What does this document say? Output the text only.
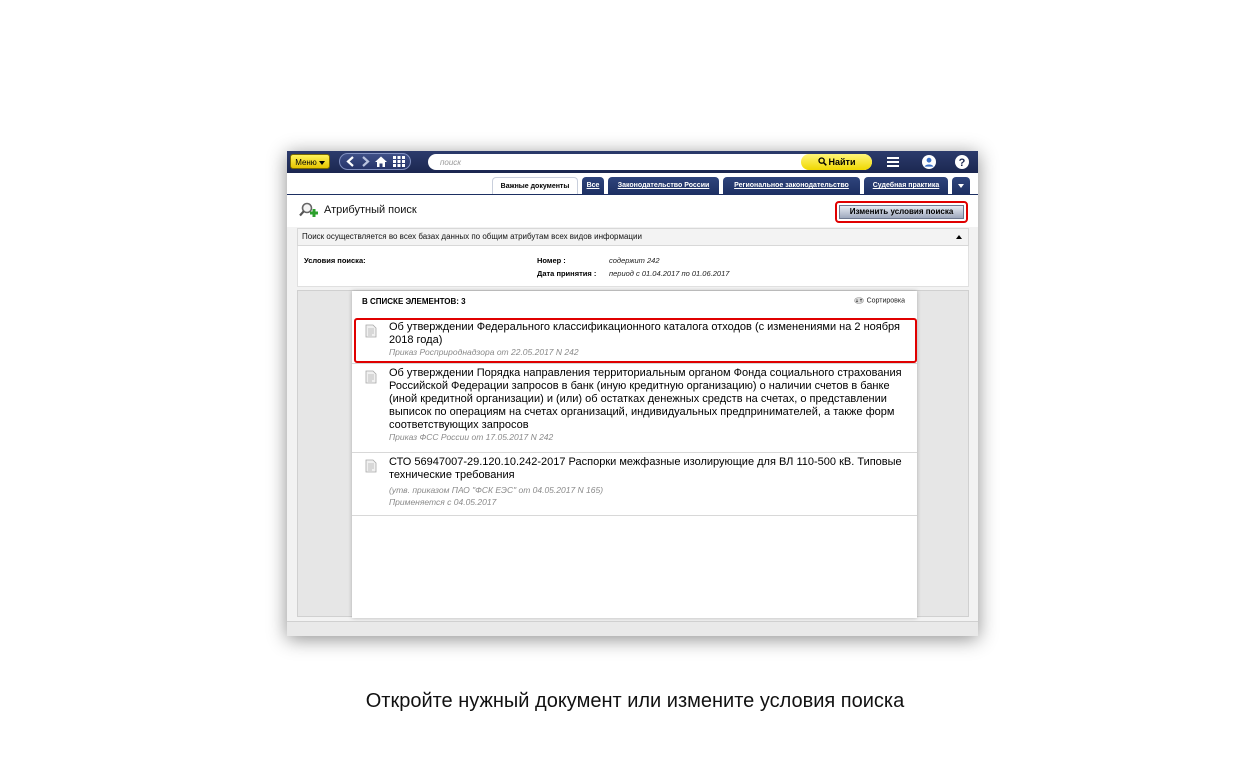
Меню
поиск	Найти	?
Важные документы	Все	Законодательство России	Региональное законодательство	Судебная практика
Атрибутный поиск	Изменить условия поиска
Поиск осуществляется во всех базах данных по общим атрибутам всех видов информации
Условия поиска:	Номер :	содержит 242
Дата принятия : период с 01.04.2017 по 01.06.2017
В СПИСКЕ ЭЛЕМЕНТОВ: 3	Сортировка
Об утверждении Федерального классификационного каталога отходов (с изменениями на 2 ноября 2018 года)
Приказ Росприроднадзора от 22.05.2017 N 242
Об утверждении Порядка направления территориальным органом Фонда социального страхования Российской Федерации запросов в банк (иную кредитную организацию) о наличии счетов в банке (иной кредитной организации) и (или) об остатках денежных средств на счетах, о представлении выписок по операциям на счетах организаций, индивидуальных предпринимателей, а также форм соответствующих запросов
Приказ ФСС России от 17.05.2017 N 242
СТО 56947007-29.120.10.242-2017 Распорки межфазные изолирующие для ВЛ 110-500 кВ. Типовые технические требования
(утв. приказом ПАО "ФСК ЕЭС" от 04.05.2017 N 165)
Применяется с 04.05.2017
Откройте нужный документ или измените условия поиска
